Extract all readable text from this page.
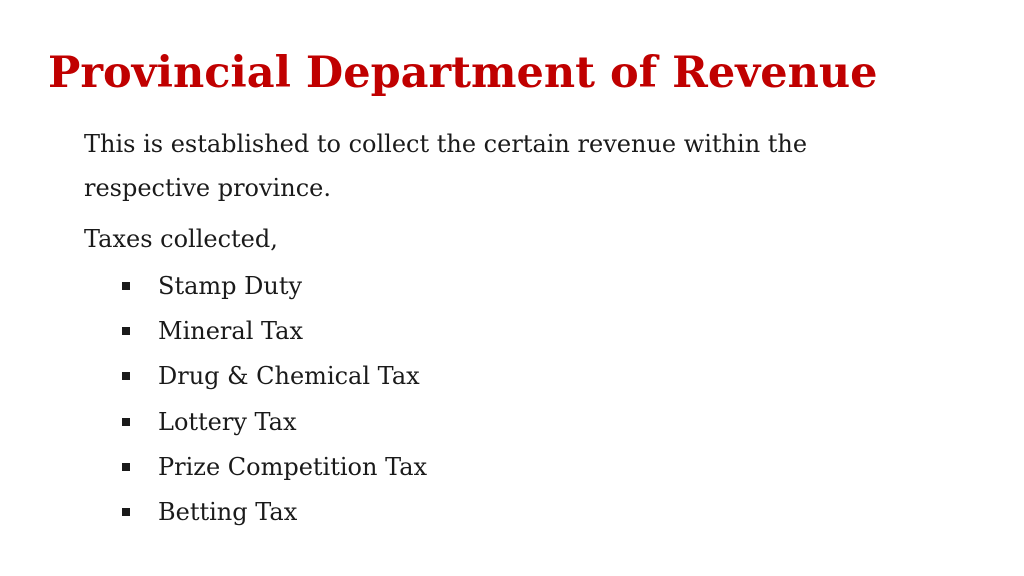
Provincial Department of Revenue

This is established to collect the certain revenue within the respective province.

Taxes collected,

Stamp Duty
Mineral Tax
Drug & Chemical Tax
Lottery Tax
Prize Competition Tax
Betting Tax
